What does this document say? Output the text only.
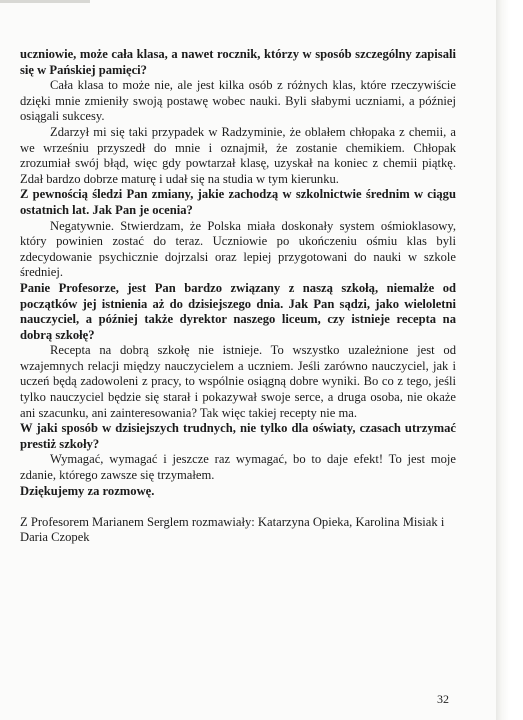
uczniowie, może cała klasa, a nawet rocznik, którzy w sposób szczególny zapisali się w Pańskiej pamięci?

Cała klasa to może nie, ale jest kilka osób z różnych klas, które rzeczywiście dzięki mnie zmieniły swoją postawę wobec nauki. Byli słabymi uczniami, a później osiągali sukcesy.

Zdarzył mi się taki przypadek w Radzyminie, że oblałem chłopaka z chemii, a we wrześniu przyszedł do mnie i oznajmił, że zostanie chemikiem. Chłopak zrozumiał swój błąd, więc gdy powtarzał klasę, uzyskał na koniec z chemii piątkę. Zdał bardzo dobrze maturę i udał się na studia w tym kierunku.

Z pewnością śledzi Pan zmiany, jakie zachodzą w szkolnictwie średnim w ciągu ostatnich lat. Jak Pan je ocenia?

Negatywnie. Stwierdzam, że Polska miała doskonały system ośmioklasowy, który powinien zostać do teraz. Uczniowie po ukończeniu ośmiu klas byli zdecydowanie psychicznie dojrzalsi oraz lepiej przygotowani do nauki w szkole średniej.

Panie Profesorze, jest Pan bardzo związany z naszą szkołą, niemalże od początków jej istnienia aż do dzisiejszego dnia. Jak Pan sądzi, jako wieloletni nauczyciel, a później także dyrektor naszego liceum, czy istnieje recepta na dobrą szkołę?

Recepta na dobrą szkołę nie istnieje. To wszystko uzależnione jest od wzajemnych relacji między nauczycielem a uczniem. Jeśli zarówno nauczyciel, jak i uczeń będą zadowoleni z pracy, to wspólnie osiągną dobre wyniki. Bo co z tego, jeśli tylko nauczyciel będzie się starał i pokazywał swoje serce, a druga osoba, nie okaże ani szacunku, ani zainteresowania? Tak więc takiej recepty nie ma.

W jaki sposób w dzisiejszych trudnych, nie tylko dla oświaty, czasach utrzymać prestiż szkoły?

Wymagać, wymagać i jeszcze raz wymagać, bo to daje efekt! To jest moje zdanie, którego zawsze się trzymałem.

Dziękujemy za rozmowę.

Z Profesorem Marianem Serglem rozmawiały: Katarzyna Opieka, Karolina Misiak i Daria Czopek

32
